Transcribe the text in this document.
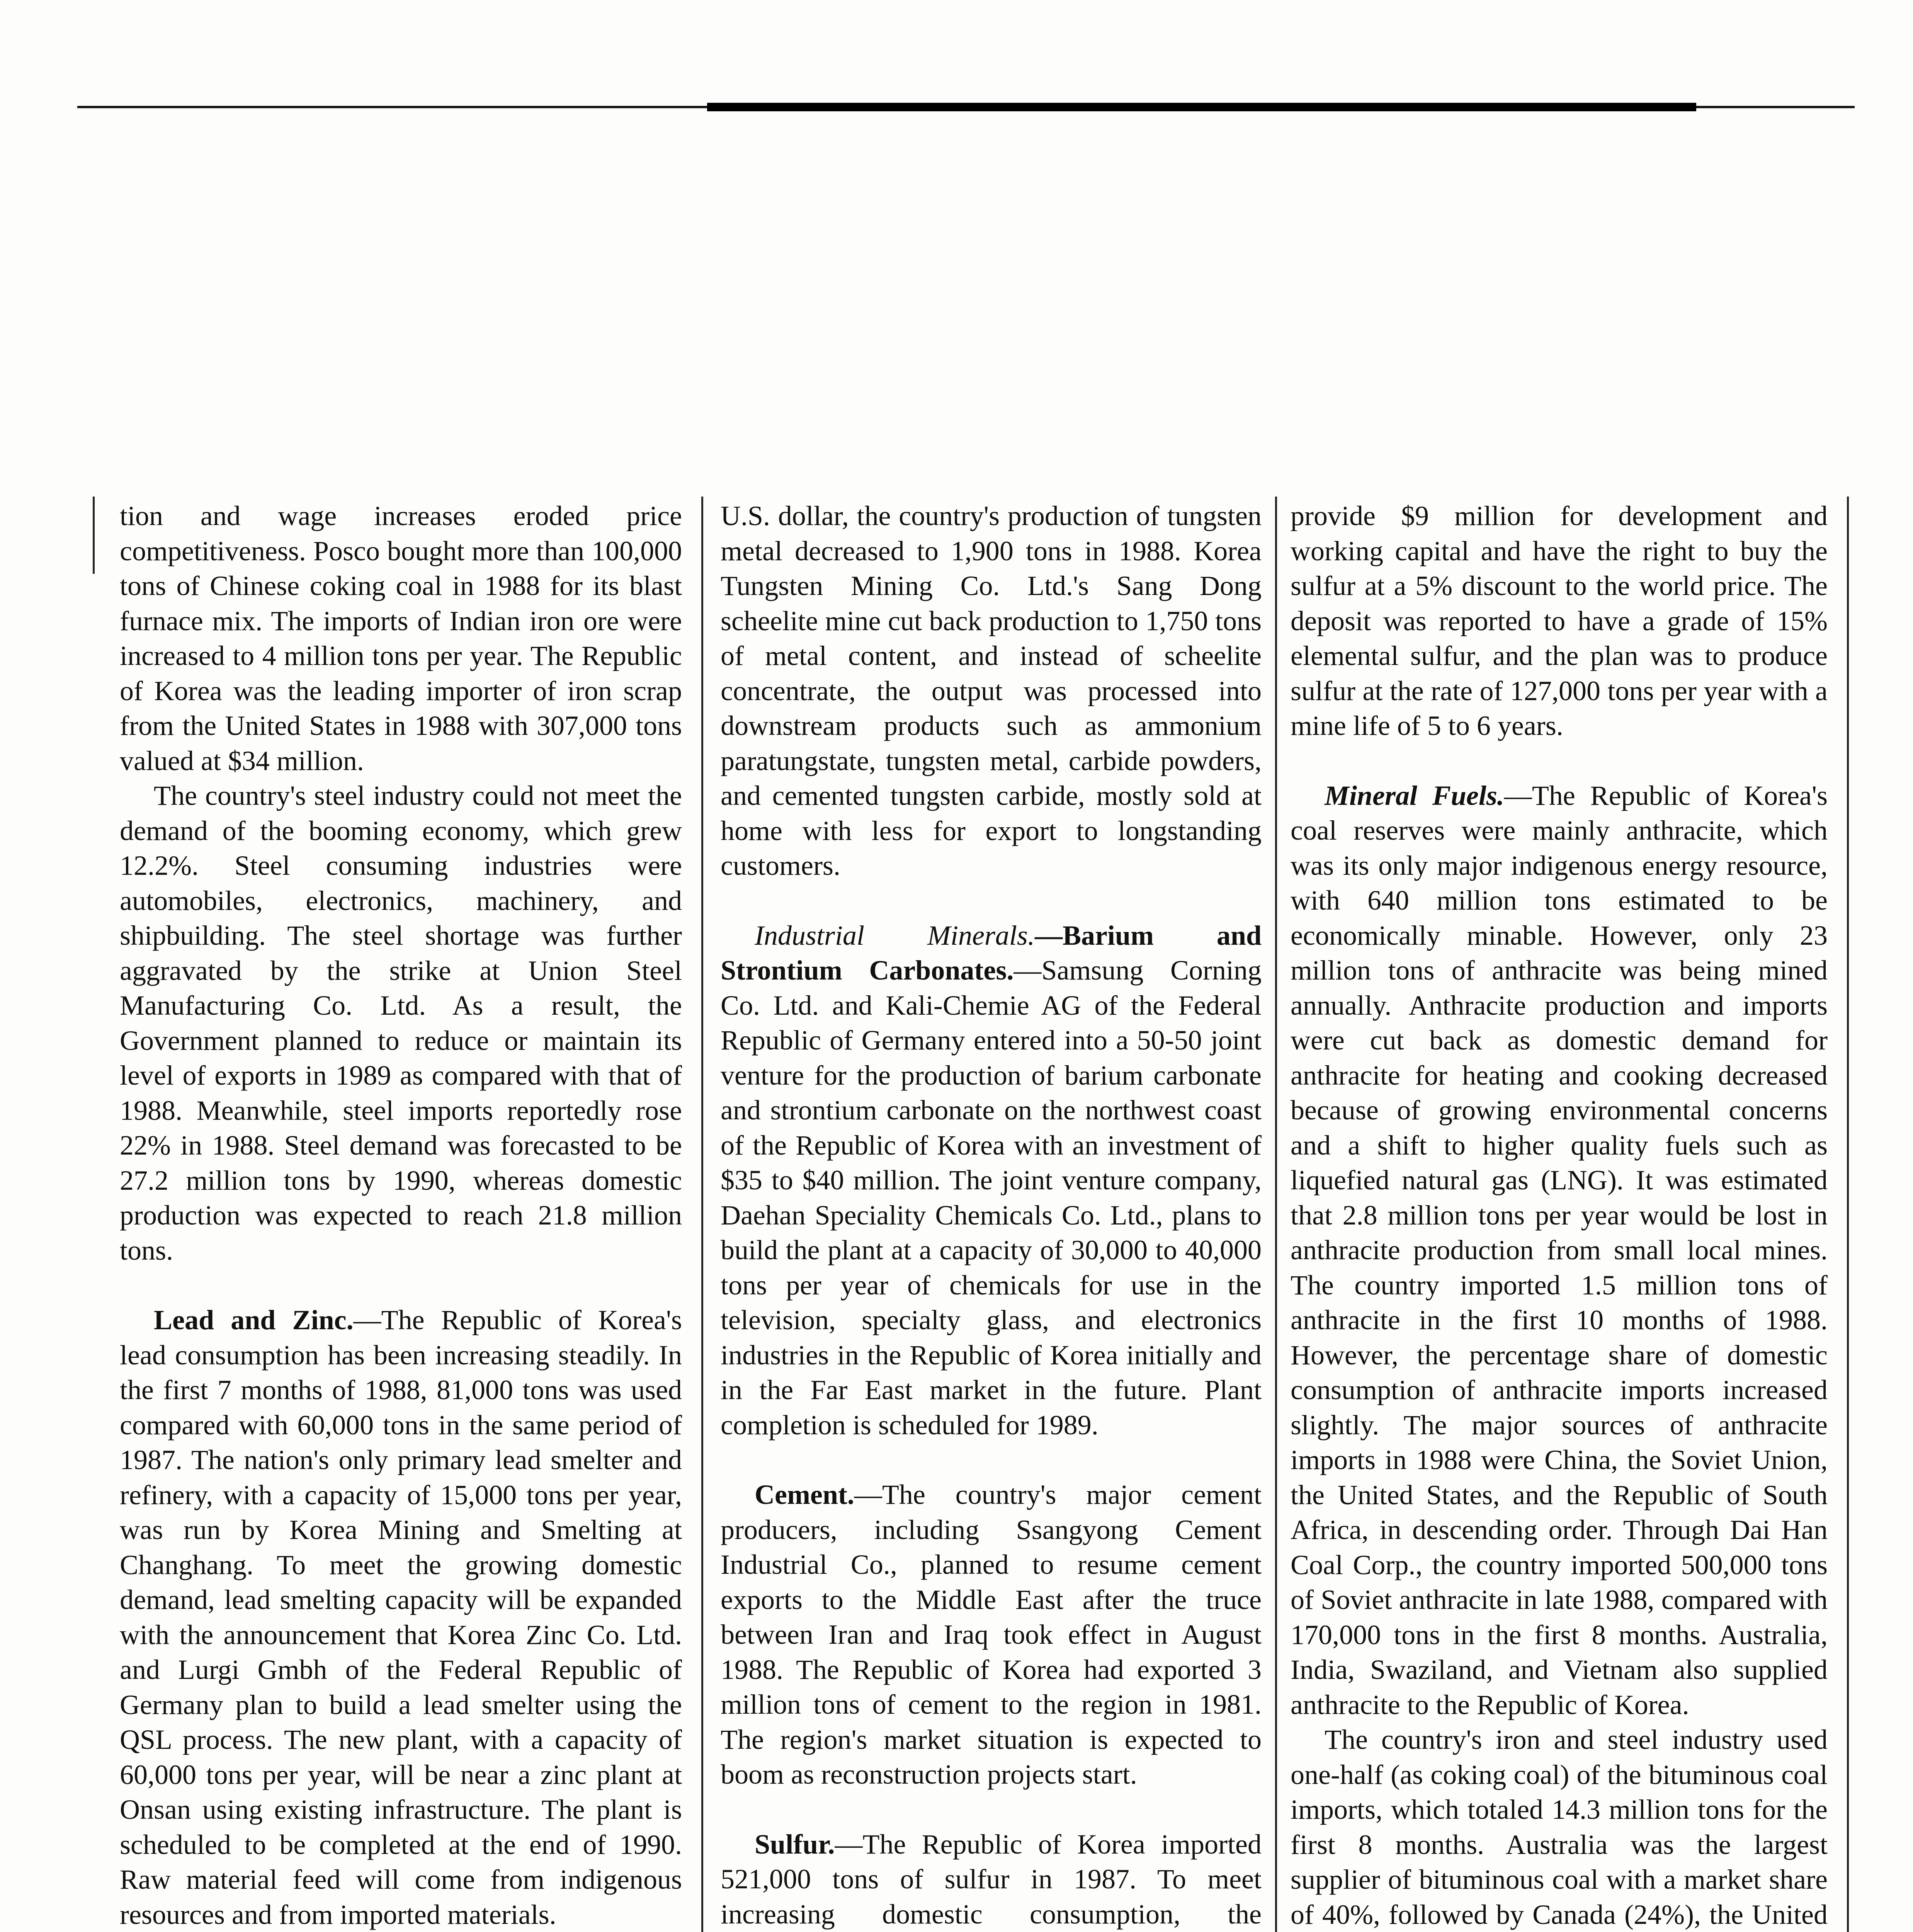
tion and wage increases eroded price competitiveness. Posco bought more than 100,000 tons of Chinese coking coal in 1988 for its blast furnace mix. The imports of Indian iron ore were increased to 4 million tons per year. The Republic of Korea was the leading importer of iron scrap from the United States in 1988 with 307,000 tons valued at $34 million.

The country's steel industry could not meet the demand of the booming economy, which grew 12.2%. Steel consuming industries were automobiles, electronics, machinery, and shipbuilding. The steel shortage was further aggravated by the strike at Union Steel Manufacturing Co. Ltd. As a result, the Government planned to reduce or maintain its level of exports in 1989 as compared with that of 1988. Meanwhile, steel imports reportedly rose 22% in 1988. Steel demand was forecasted to be 27.2 million tons by 1990, whereas domestic production was expected to reach 21.8 million tons.

Lead and Zinc.—The Republic of Korea's lead consumption has been increasing steadily. In the first 7 months of 1988, 81,000 tons was used compared with 60,000 tons in the same period of 1987. The nation's only primary lead smelter and refinery, with a capacity of 15,000 tons per year, was run by Korea Mining and Smelting at Changhang. To meet the growing domestic demand, lead smelting capacity will be expanded with the announcement that Korea Zinc Co. Ltd. and Lurgi Gmbh of the Federal Republic of Germany plan to build a lead smelter using the QSL process. The new plant, with a capacity of 60,000 tons per year, will be near a zinc plant at Onsan using existing infrastructure. The plant is scheduled to be completed at the end of 1990. Raw material feed will come from indigenous resources and from imported materials.

U.S. dollar, the country's production of tungsten metal decreased to 1,900 tons in 1988. Korea Tungsten Mining Co. Ltd.'s Sang Dong scheelite mine cut back production to 1,750 tons of metal content, and instead of scheelite concentrate, the output was processed into downstream products such as ammonium paratungstate, tungsten metal, carbide powders, and cemented tungsten carbide, mostly sold at home with less for export to longstanding customers.

Industrial Minerals.—Barium and Strontium Carbonates.—Samsung Corning Co. Ltd. and Kali-Chemie AG of the Federal Republic of Germany entered into a 50-50 joint venture for the production of barium carbonate and strontium carbonate on the northwest coast of the Republic of Korea with an investment of $35 to $40 million. The joint venture company, Daehan Speciality Chemicals Co. Ltd., plans to build the plant at a capacity of 30,000 to 40,000 tons per year of chemicals for use in the television, specialty glass, and electronics industries in the Republic of Korea initially and in the Far East market in the future. Plant completion is scheduled for 1989.

Cement.—The country's major cement producers, including Ssangyong Cement Industrial Co., planned to resume cement exports to the Middle East after the truce between Iran and Iraq took effect in August 1988. The Republic of Korea had exported 3 million tons of cement to the region in 1981. The region's market situation is expected to boom as reconstruction projects start.

Sulfur.—The Republic of Korea imported 521,000 tons of sulfur in 1987. To meet increasing domestic consumption, the

provide $9 million for development and working capital and have the right to buy the sulfur at a 5% discount to the world price. The deposit was reported to have a grade of 15% elemental sulfur, and the plan was to produce sulfur at the rate of 127,000 tons per year with a mine life of 5 to 6 years.

Mineral Fuels.—The Republic of Korea's coal reserves were mainly anthracite, which was its only major indigenous energy resource, with 640 million tons estimated to be economically minable. However, only 23 million tons of anthracite was being mined annually. Anthracite production and imports were cut back as domestic demand for anthracite for heating and cooking decreased because of growing environmental concerns and a shift to higher quality fuels such as liquefied natural gas (LNG). It was estimated that 2.8 million tons per year would be lost in anthracite production from small local mines. The country imported 1.5 million tons of anthracite in the first 10 months of 1988. However, the percentage share of domestic consumption of anthracite imports increased slightly. The major sources of anthracite imports in 1988 were China, the Soviet Union, the United States, and the Republic of South Africa, in descending order. Through Dai Han Coal Corp., the country imported 500,000 tons of Soviet anthracite in late 1988, compared with 170,000 tons in the first 8 months. Australia, India, Swaziland, and Vietnam also supplied anthracite to the Republic of Korea.

The country's iron and steel industry used one-half (as coking coal) of the bituminous coal imports, which totaled 14.3 million tons for the first 8 months. Australia was the largest supplier of bituminous coal with a market share of 40%, followed by Canada (24%), the United
